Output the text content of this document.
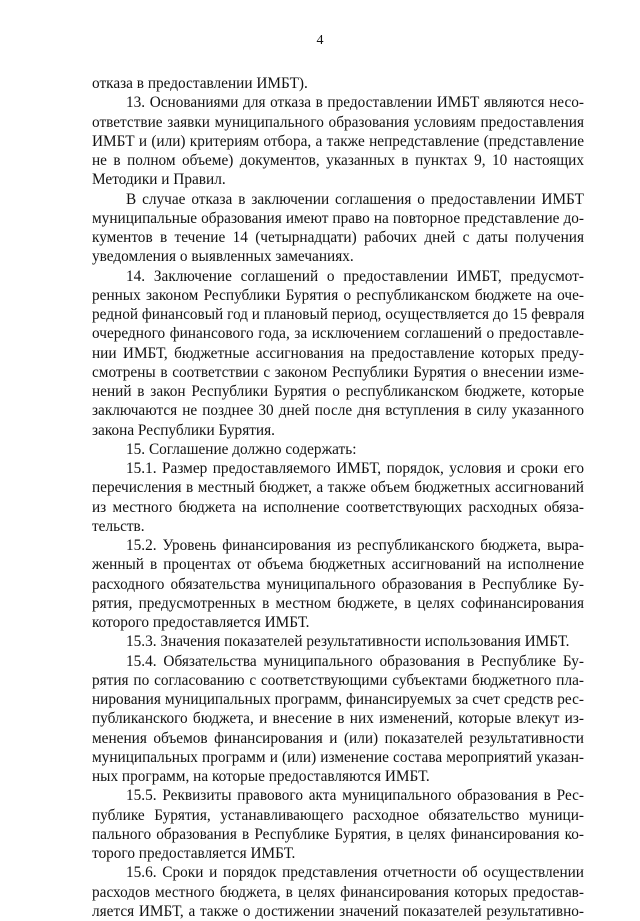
4
отказа в предоставлении ИМБТ).
13. Основаниями для отказа в предоставлении ИМБТ являются несо-
ответствие заявки муниципального образования условиям предоставления
ИМБТ и (или) критериям отбора, а также непредставление (представление
не в полном объеме) документов, указанных в пунктах 9, 10 настоящих
Методики и Правил.
В случае отказа в заключении соглашения о предоставлении ИМБТ
муниципальные образования имеют право на повторное представление до-
кументов в течение 14 (четырнадцати) рабочих дней с даты получения
уведомления о выявленных замечаниях.
14. Заключение соглашений о предоставлении ИМБТ, предусмот-
ренных законом Республики Бурятия о республиканском бюджете на оче-
редной финансовый год и плановый период, осуществляется до 15 февраля
очередного финансового года, за исключением соглашений о предоставле-
нии ИМБТ, бюджетные ассигнования на предоставление которых преду-
смотрены в соответствии с законом Республики Бурятия о внесении изме-
нений в закон Республики Бурятия о республиканском бюджете, которые
заключаются не позднее 30 дней после дня вступления в силу указанного
закона Республики Бурятия.
15. Соглашение должно содержать:
15.1. Размер предоставляемого ИМБТ, порядок, условия и сроки его
перечисления в местный бюджет, а также объем бюджетных ассигнований
из местного бюджета на исполнение соответствующих расходных обяза-
тельств.
15.2. Уровень финансирования из республиканского бюджета, выра-
женный в процентах от объема бюджетных ассигнований на исполнение
расходного обязательства муниципального образования в Республике Бу-
рятия, предусмотренных в местном бюджете, в целях софинансирования
которого предоставляется ИМБТ.
15.3. Значения показателей результативности использования ИМБТ.
15.4. Обязательства муниципального образования в Республике Бу-
рятия по согласованию с соответствующими субъектами бюджетного пла-
нирования муниципальных программ, финансируемых за счет средств рес-
публиканского бюджета, и внесение в них изменений, которые влекут из-
менения объемов финансирования и (или) показателей результативности
муниципальных программ и (или) изменение состава мероприятий указан-
ных программ, на которые предоставляются ИМБТ.
15.5. Реквизиты правового акта муниципального образования в Рес-
публике Бурятия, устанавливающего расходное обязательство муници-
пального образования в Республике Бурятия, в целях финансирования ко-
торого предоставляется ИМБТ.
15.6. Сроки и порядок представления отчетности об осуществлении
расходов местного бюджета, в целях финансирования которых предостав-
ляется ИМБТ, а также о достижении значений показателей результативно-
